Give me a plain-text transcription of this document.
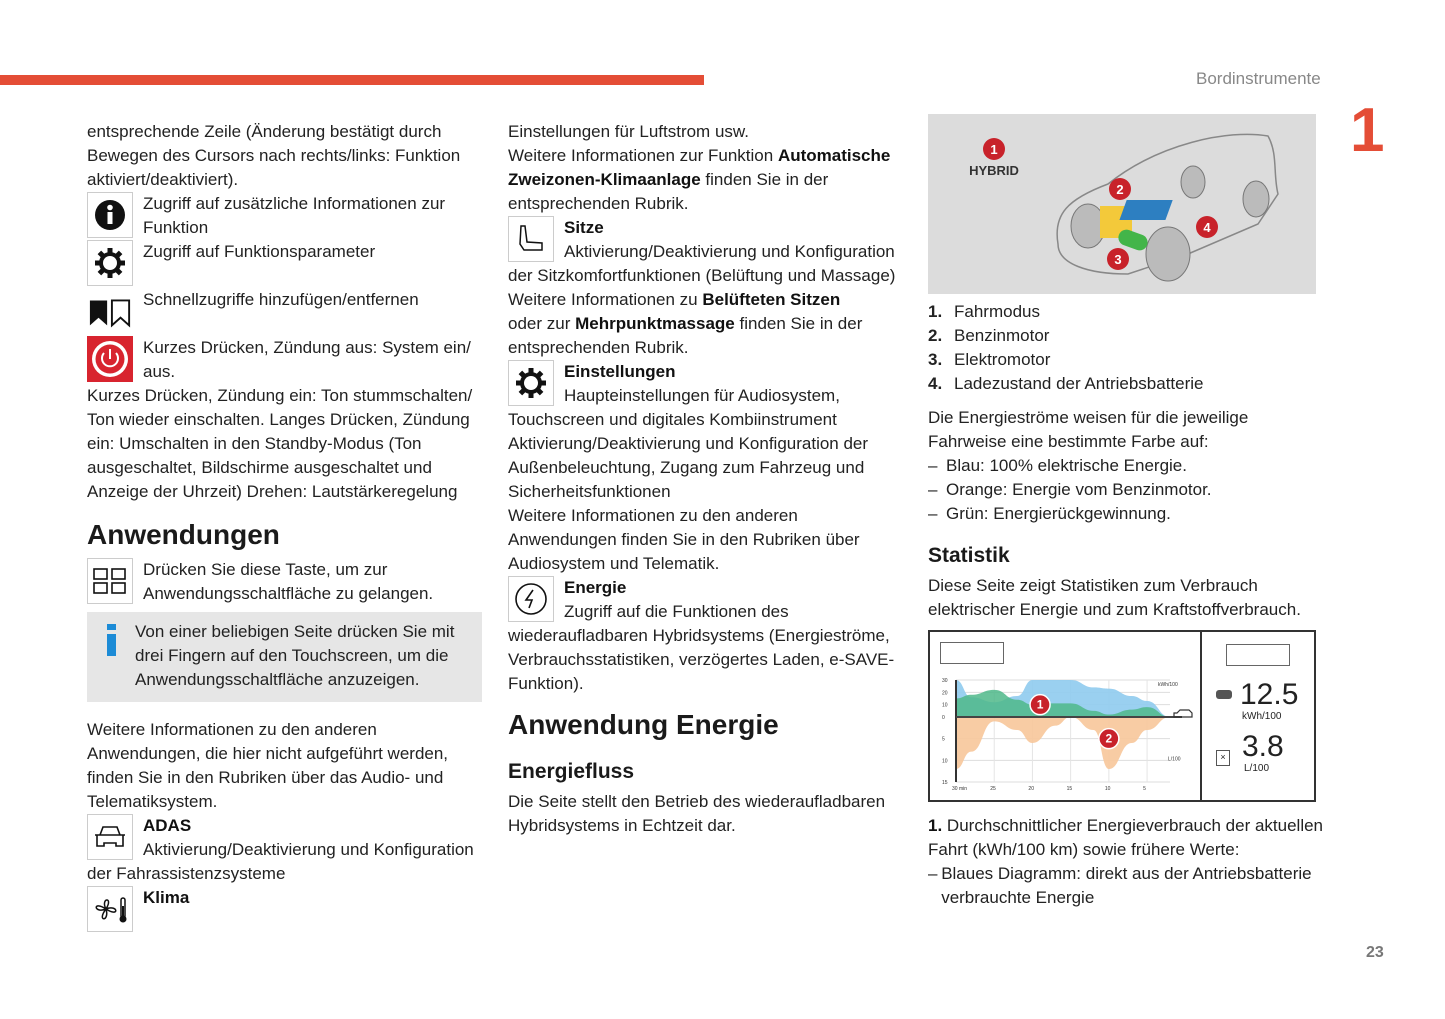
Bordinstrumente
1
23

entsprechende Zeile (Änderung bestätigt durch Bewegen des Cursors nach rechts/links: Funktion aktiviert/deaktiviert).

Zugriff auf zusätzliche Informationen zur Funktion
Zugriff auf Funktionsparameter
Schnellzugriffe hinzufügen/entfernen
Kurzes Drücken, Zündung aus: System ein/ aus.

Kurzes Drücken, Zündung ein: Ton stummschalten/ Ton wieder einschalten. Langes Drücken, Zündung ein: Umschalten in den Standby-Modus (Ton ausgeschaltet, Bildschirme ausgeschaltet und Anzeige der Uhrzeit) Drehen: Lautstärkeregelung

Anwendungen
Drücken Sie diese Taste, um zur Anwendungsschaltfläche zu gelangen.
Von einer beliebigen Seite drücken Sie mit drei Fingern auf den Touchscreen, um die Anwendungsschaltfläche anzuzeigen.

Weitere Informationen zu den anderen Anwendungen, die hier nicht aufgeführt werden, finden Sie in den Rubriken über das Audio- und Telematiksystem.

ADAS

Aktivierung/Deaktivierung und Konfiguration der Fahrassistenzsysteme

Klima

Einstellungen für Luftstrom usw.

Weitere Informationen zur Funktion Automatische Zweizonen-Klimaanlage finden Sie in der entsprechenden Rubrik.

Sitze

Aktivierung/Deaktivierung und Konfiguration der Sitzkomfortfunktionen (Belüftung und Massage)

Weitere Informationen zu Belüfteten Sitzen
oder zur Mehrpunktmassage finden Sie in der entsprechenden Rubrik.

Einstellungen

Haupteinstellungen für Audiosystem, Touchscreen und digitales Kombiinstrument Aktivierung/Deaktivierung und Konfiguration der Außenbeleuchtung, Zugang zum Fahrzeug und Sicherheitsfunktionen

Weitere Informationen zu den anderen Anwendungen finden Sie in den Rubriken über Audiosystem und Telematik.

Energie

Zugriff auf die Funktionen des wiederaufladbaren Hybridsystems (Energieströme, Verbrauchsstatistiken, verzögertes Laden, e-SAVE-Funktion).

Anwendung Energie
Energiefluss

Die Seite stellt den Betrieb des wiederaufladbaren Hybridsystems in Echtzeit dar.

1
2
3
4
HYBRID
1. Fahrmodus
2. Benzinmotor
3. Elektromotor
4. Ladezustand der Antriebsbatterie

Die Energieströme weisen für die jeweilige Fahrweise eine bestimmte Farbe auf:

– Blau: 100% elektrische Energie.
– Orange: Energie vom Benzinmotor.
– Grün: Energierückgewinnung.
Statistik

Diese Seite zeigt Statistiken zum Verbrauch elektrischer Energie und zum Kraftstoffverbrauch.

30
20
10
0
5
10
15
30 min	25	20	15	10	5
kWh/100
L/100
1
2
12.5
kWh/100
× 3.8
L/100

1. Durchschnittlicher Energieverbrauch der aktuellen Fahrt (kWh/100 km) sowie frühere Werte:

– Blaues Diagramm: direkt aus der Antriebsbatterie verbrauchte Energie
